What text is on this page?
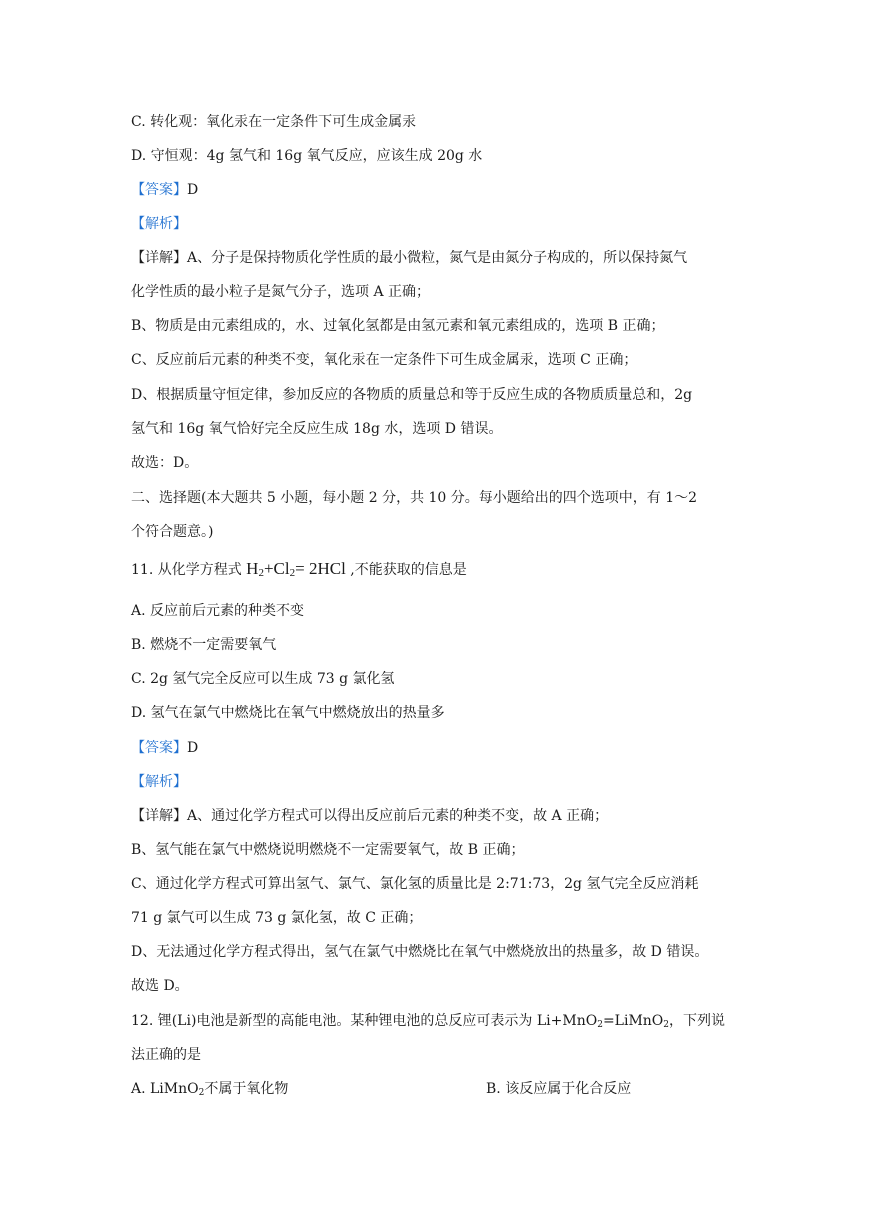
C. 转化观：氧化汞在一定条件下可生成金属汞
D. 守恒观：4g 氢气和 16g 氧气反应，应该生成 20g 水
【答案】D
【解析】
【详解】A、分子是保持物质化学性质的最小微粒，氮气是由氮分子构成的，所以保持氮气
化学性质的最小粒子是氮气分子，选项 A 正确；
B、物质是由元素组成的，水、过氧化氢都是由氢元素和氧元素组成的，选项 B 正确；
C、反应前后元素的种类不变，氧化汞在一定条件下可生成金属汞，选项 C 正确；
D、根据质量守恒定律，参加反应的各物质的质量总和等于反应生成的各物质质量总和，2g
氢气和 16g 氧气恰好完全反应生成 18g 水，选项 D 错误。
故选：D。
二、选择题(本大题共 5 小题，每小题 2 分，共 10 分。每小题给出的四个选项中，有 1～2
个符合题意。)
11. 从化学方程式 $H_2+Cl_2= 2HCl$ ,不能获取的信息是
A. 反应前后元素的种类不变
B. 燃烧不一定需要氧气
C. 2g 氢气完全反应可以生成 73 g 氯化氢
D. 氢气在氯气中燃烧比在氧气中燃烧放出的热量多
【答案】D
【解析】
【详解】A、通过化学方程式可以得出反应前后元素的种类不变，故 A 正确；
B、氢气能在氯气中燃烧说明燃烧不一定需要氧气，故 B 正确；
C、通过化学方程式可算出氢气、氯气、氯化氢的质量比是 2:71:73，2g 氢气完全反应消耗
71 g 氯气可以生成 73 g 氯化氢，故 C 正确；
D、无法通过化学方程式得出，氢气在氯气中燃烧比在氧气中燃烧放出的热量多，故 D 错误。
故选 D。
12. 锂(Li)电池是新型的高能电池。某种锂电池的总反应可表示为 Li+MnO$_2$=LiMnO$_2$，下列说
法正确的是
A. LiMnO$_2$不属于氧化物	B. 该反应属于化合反应
